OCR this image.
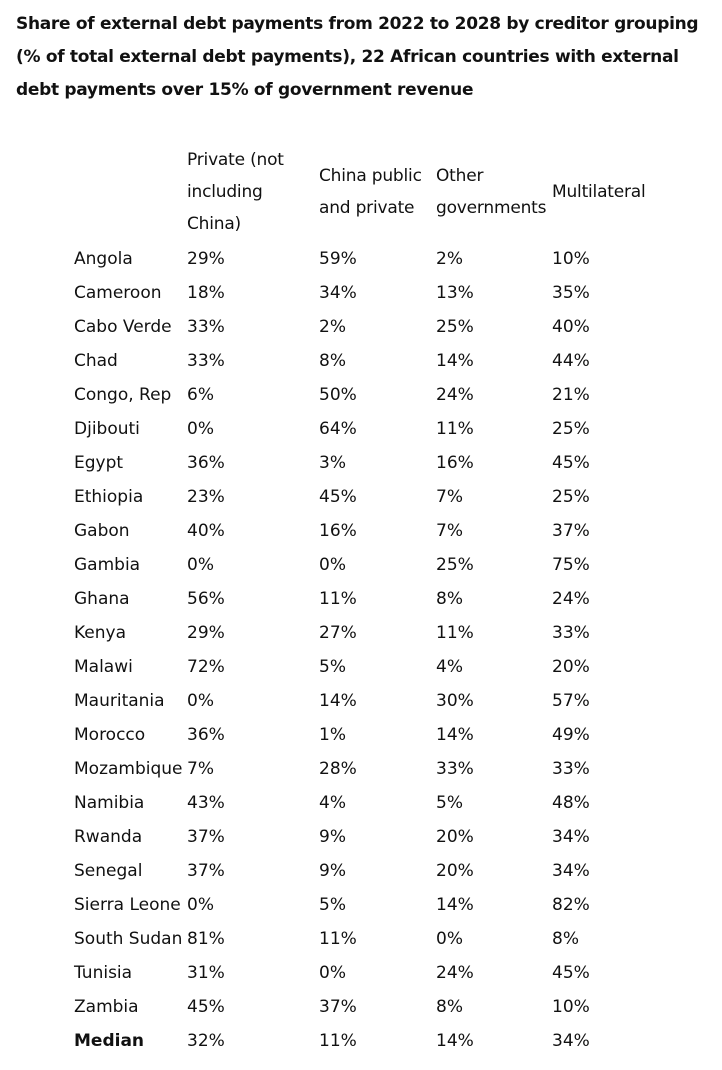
Share of external debt payments from 2022 to 2028 by creditor grouping (% of total external debt payments), 22 African countries with external debt payments over 15% of government revenue
	Private (not including China)	China public and private	Other governments	Multilateral
Angola	29%	59%	2%	10%
Cameroon	18%	34%	13%	35%
Cabo Verde	33%	2%	25%	40%
Chad	33%	8%	14%	44%
Congo, Rep	6%	50%	24%	21%
Djibouti	0%	64%	11%	25%
Egypt	36%	3%	16%	45%
Ethiopia	23%	45%	7%	25%
Gabon	40%	16%	7%	37%
Gambia	0%	0%	25%	75%
Ghana	56%	11%	8%	24%
Kenya	29%	27%	11%	33%
Malawi	72%	5%	4%	20%
Mauritania	0%	14%	30%	57%
Morocco	36%	1%	14%	49%
Mozambique	7%	28%	33%	33%
Namibia	43%	4%	5%	48%
Rwanda	37%	9%	20%	34%
Senegal	37%	9%	20%	34%
Sierra Leone	0%	5%	14%	82%
South Sudan	81%	11%	0%	8%
Tunisia	31%	0%	24%	45%
Zambia	45%	37%	8%	10%
Median	32%	11%	14%	34%
